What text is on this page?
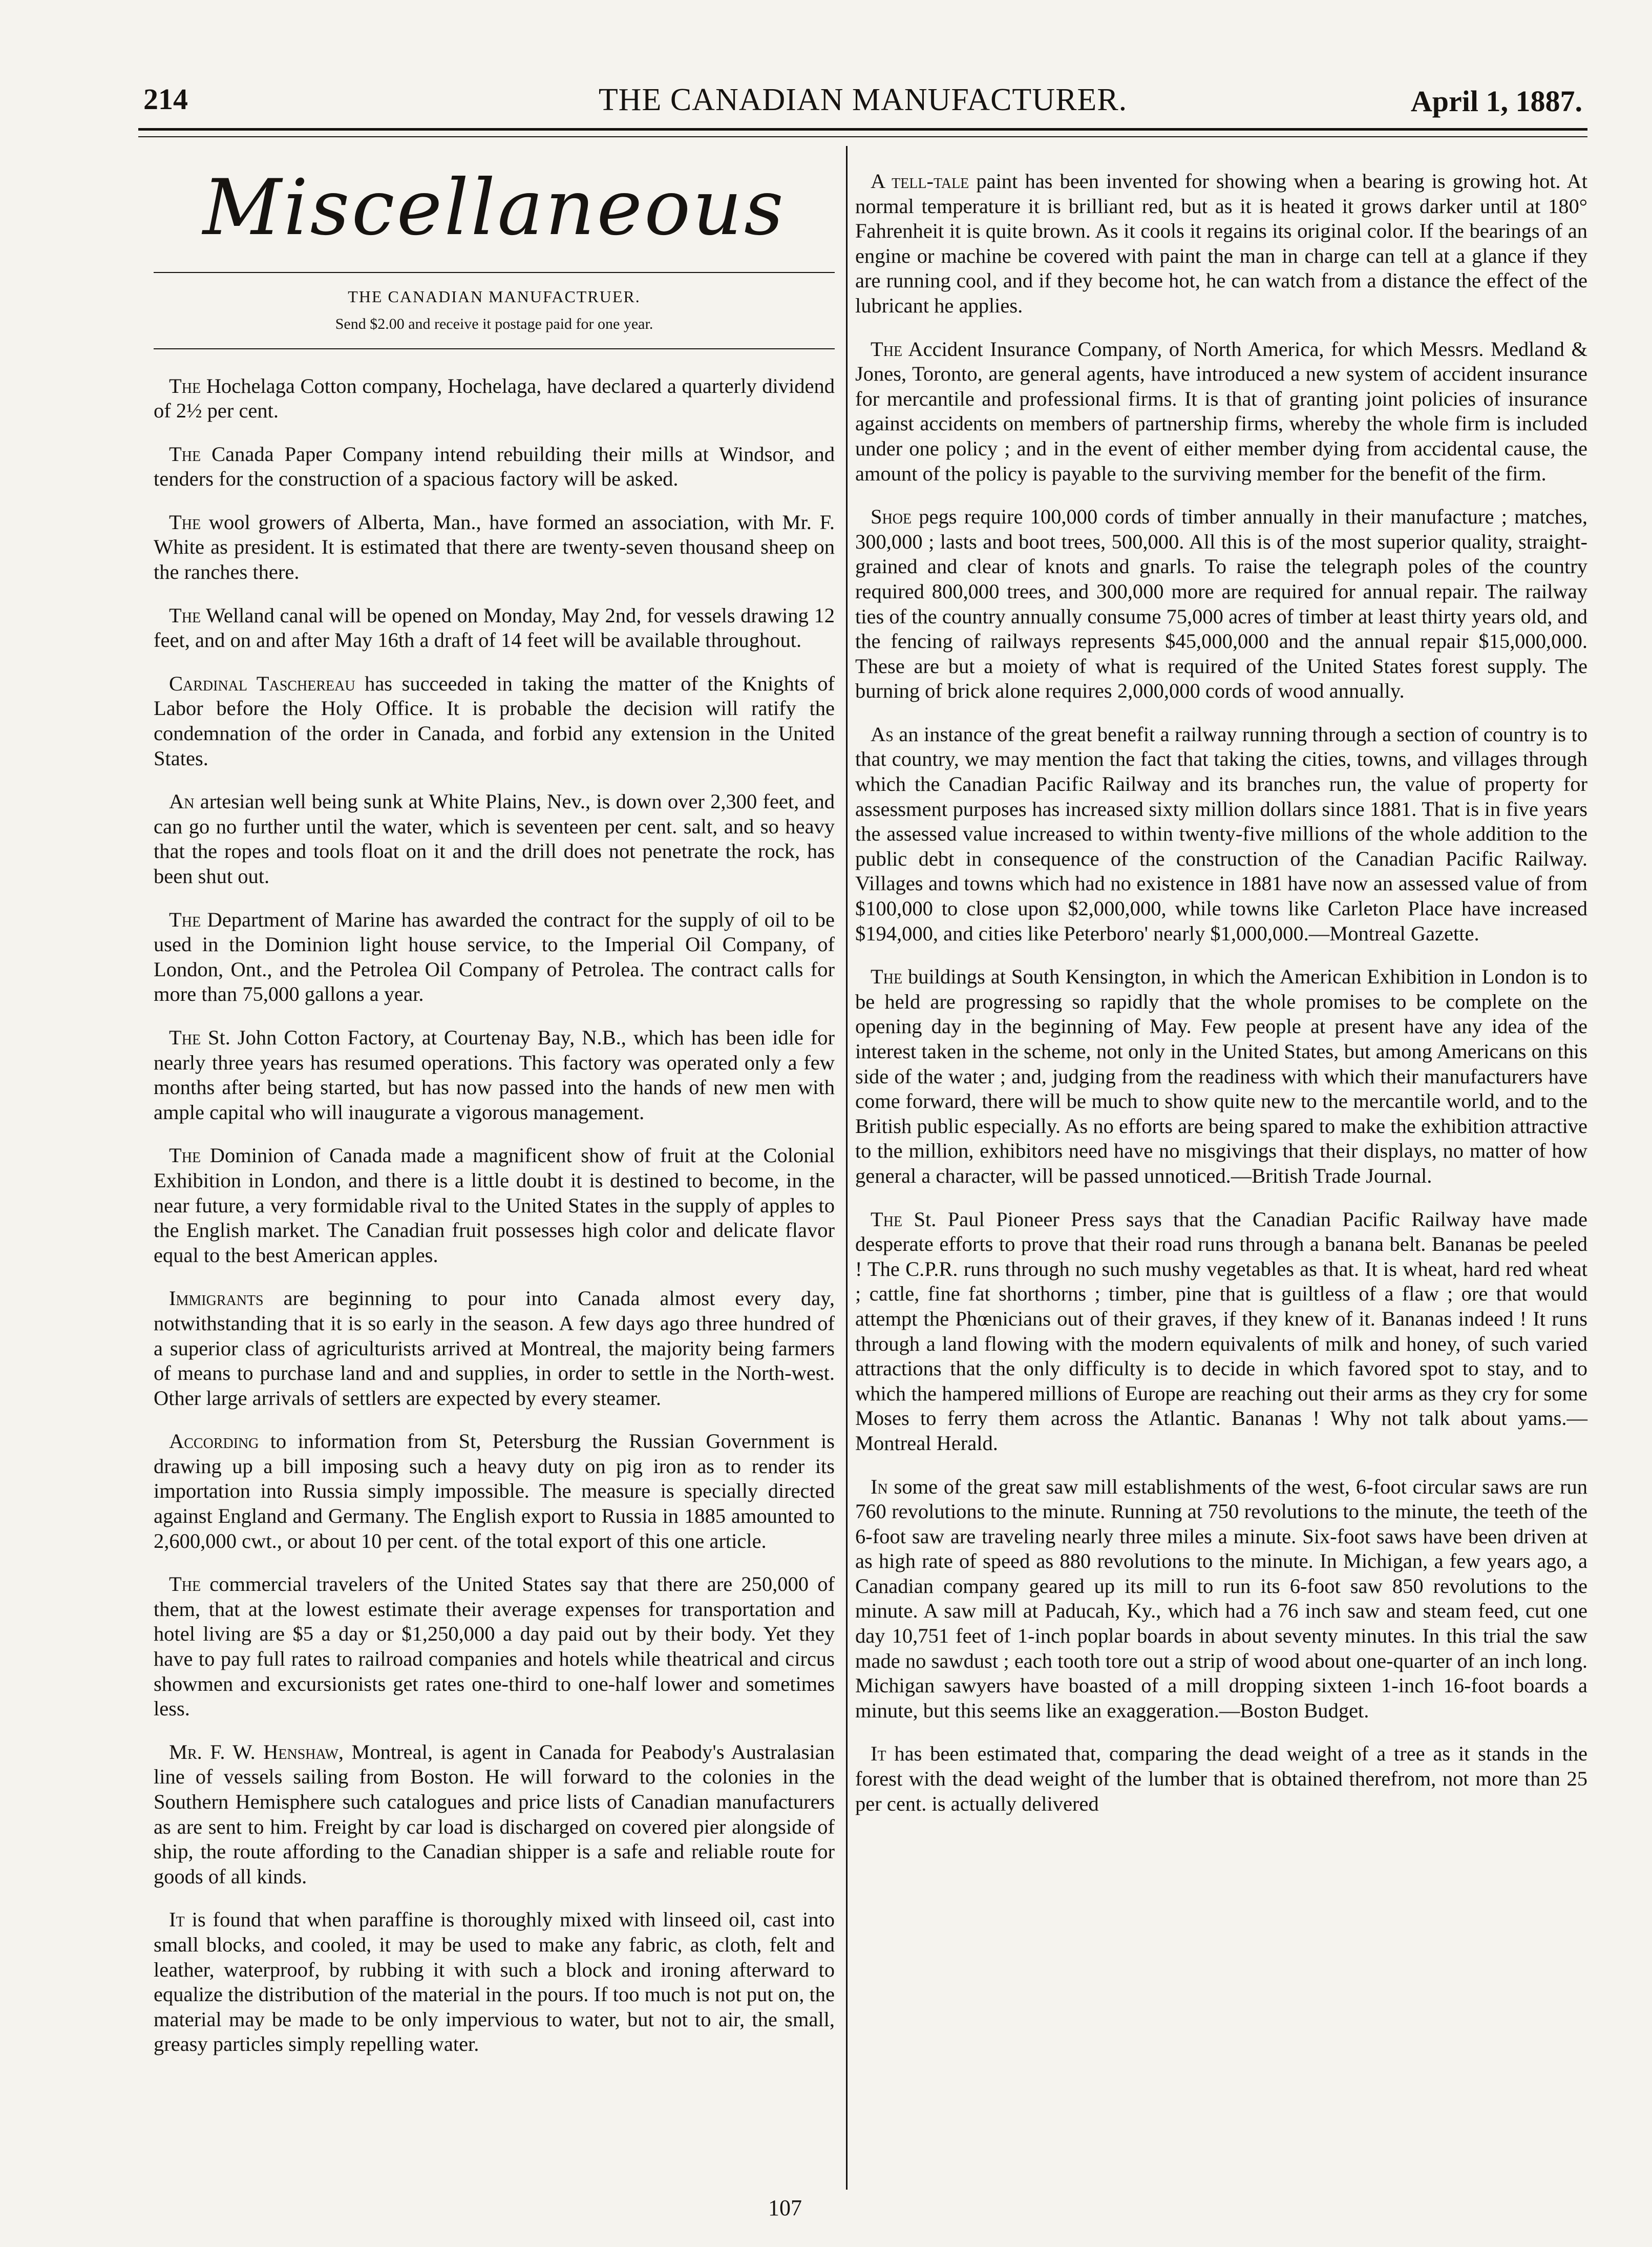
214	THE CANADIAN MANUFACTURER.	April 1, 1887.
Miscellaneous
THE CANADIAN MANUFACTRUER.
Send $2.00 and receive it postage paid for one year.

The Hochelaga Cotton company, Hochelaga, have declared a quarterly dividend of 2½ per cent.

The Canada Paper Company intend rebuilding their mills at Windsor, and tenders for the construction of a spacious factory will be asked.

The wool growers of Alberta, Man., have formed an association, with Mr. F. White as president. It is estimated that there are twenty-seven thousand sheep on the ranches there.

The Welland canal will be opened on Monday, May 2nd, for vessels drawing 12 feet, and on and after May 16th a draft of 14 feet will be available throughout.

Cardinal Taschereau has succeeded in taking the matter of the Knights of Labor before the Holy Office. It is probable the decision will ratify the condemnation of the order in Canada, and forbid any extension in the United States.

An artesian well being sunk at White Plains, Nev., is down over 2,300 feet, and can go no further until the water, which is seventeen per cent. salt, and so heavy that the ropes and tools float on it and the drill does not penetrate the rock, has been shut out.

The Department of Marine has awarded the contract for the supply of oil to be used in the Dominion light house service, to the Imperial Oil Company, of London, Ont., and the Petrolea Oil Company of Petrolea. The contract calls for more than 75,000 gallons a year.

The St. John Cotton Factory, at Courtenay Bay, N.B., which has been idle for nearly three years has resumed operations. This factory was operated only a few months after being started, but has now passed into the hands of new men with ample capital who will inaugurate a vigorous management.

The Dominion of Canada made a magnificent show of fruit at the Colonial Exhibition in London, and there is a little doubt it is destined to become, in the near future, a very formidable rival to the United States in the supply of apples to the English market. The Canadian fruit possesses high color and delicate flavor equal to the best American apples.

Immigrants are beginning to pour into Canada almost every day, notwithstanding that it is so early in the season. A few days ago three hundred of a superior class of agriculturists arrived at Montreal, the majority being farmers of means to purchase land and and supplies, in order to settle in the North-west. Other large arrivals of settlers are expected by every steamer.

According to information from St, Petersburg the Russian Government is drawing up a bill imposing such a heavy duty on pig iron as to render its importation into Russia simply impossible. The measure is specially directed against England and Germany. The English export to Russia in 1885 amounted to 2,600,000 cwt., or about 10 per cent. of the total export of this one article.

The commercial travelers of the United States say that there are 250,000 of them, that at the lowest estimate their average expenses for transportation and hotel living are $5 a day or $1,250,000 a day paid out by their body. Yet they have to pay full rates to railroad companies and hotels while theatrical and circus showmen and excursionists get rates one-third to one-half lower and sometimes less.

Mr. F. W. Henshaw, Montreal, is agent in Canada for Peabody's Australasian line of vessels sailing from Boston. He will forward to the colonies in the Southern Hemisphere such catalogues and price lists of Canadian manufacturers as are sent to him. Freight by car load is discharged on covered pier alongside of ship, the route affording to the Canadian shipper is a safe and reliable route for goods of all kinds.

It is found that when paraffine is thoroughly mixed with linseed oil, cast into small blocks, and cooled, it may be used to make any fabric, as cloth, felt and leather, waterproof, by rubbing it with such a block and ironing afterward to equalize the distribution of the material in the pours. If too much is not put on, the material may be made to be only impervious to water, but not to air, the small, greasy particles simply repelling water.

A tell-tale paint has been invented for showing when a bearing is growing hot. At normal temperature it is brilliant red, but as it is heated it grows darker until at 180° Fahrenheit it is quite brown. As it cools it regains its original color. If the bearings of an engine or machine be covered with paint the man in charge can tell at a glance if they are running cool, and if they become hot, he can watch from a distance the effect of the lubricant he applies.

The Accident Insurance Company, of North America, for which Messrs. Medland & Jones, Toronto, are general agents, have introduced a new system of accident insurance for mercantile and professional firms. It is that of granting joint policies of insurance against accidents on members of partnership firms, whereby the whole firm is included under one policy ; and in the event of either member dying from accidental cause, the amount of the policy is payable to the surviving member for the benefit of the firm.

Shoe pegs require 100,000 cords of timber annually in their manufacture ; matches, 300,000 ; lasts and boot trees, 500,000. All this is of the most superior quality, straight-grained and clear of knots and gnarls. To raise the telegraph poles of the country required 800,000 trees, and 300,000 more are required for annual repair. The railway ties of the country annually consume 75,000 acres of timber at least thirty years old, and the fencing of railways represents $45,000,000 and the annual repair $15,000,000. These are but a moiety of what is required of the United States forest supply. The burning of brick alone requires 2,000,000 cords of wood annually.

As an instance of the great benefit a railway running through a section of country is to that country, we may mention the fact that taking the cities, towns, and villages through which the Canadian Pacific Railway and its branches run, the value of property for assessment purposes has increased sixty million dollars since 1881. That is in five years the assessed value increased to within twenty-five millions of the whole addition to the public debt in consequence of the construction of the Canadian Pacific Railway. Villages and towns which had no existence in 1881 have now an assessed value of from $100,000 to close upon $2,000,000, while towns like Carleton Place have increased $194,000, and cities like Peterboro' nearly $1,000,000.—Montreal Gazette.

The buildings at South Kensington, in which the American Exhibition in London is to be held are progressing so rapidly that the whole promises to be complete on the opening day in the beginning of May. Few people at present have any idea of the interest taken in the scheme, not only in the United States, but among Americans on this side of the water ; and, judging from the readiness with which their manufacturers have come forward, there will be much to show quite new to the mercantile world, and to the British public especially. As no efforts are being spared to make the exhibition attractive to the million, exhibitors need have no misgivings that their displays, no matter of how general a character, will be passed unnoticed.—British Trade Journal.

The St. Paul Pioneer Press says that the Canadian Pacific Railway have made desperate efforts to prove that their road runs through a banana belt. Bananas be peeled ! The C.P.R. runs through no such mushy vegetables as that. It is wheat, hard red wheat ; cattle, fine fat shorthorns ; timber, pine that is guiltless of a flaw ; ore that would attempt the Phœnicians out of their graves, if they knew of it. Bananas indeed ! It runs through a land flowing with the modern equivalents of milk and honey, of such varied attractions that the only difficulty is to decide in which favored spot to stay, and to which the hampered millions of Europe are reaching out their arms as they cry for some Moses to ferry them across the Atlantic. Bananas ! Why not talk about yams.—Montreal Herald.

In some of the great saw mill establishments of the west, 6-foot circular saws are run 760 revolutions to the minute. Running at 750 revolutions to the minute, the teeth of the 6-foot saw are traveling nearly three miles a minute. Six-foot saws have been driven at as high rate of speed as 880 revolutions to the minute. In Michigan, a few years ago, a Canadian company geared up its mill to run its 6-foot saw 850 revolutions to the minute. A saw mill at Paducah, Ky., which had a 76 inch saw and steam feed, cut one day 10,751 feet of 1-inch poplar boards in about seventy minutes. In this trial the saw made no sawdust ; each tooth tore out a strip of wood about one-quarter of an inch long. Michigan sawyers have boasted of a mill dropping sixteen 1-inch 16-foot boards a minute, but this seems like an exaggeration.—Boston Budget.

It has been estimated that, comparing the dead weight of a tree as it stands in the forest with the dead weight of the lumber that is obtained therefrom, not more than 25 per cent. is actually delivered

107
